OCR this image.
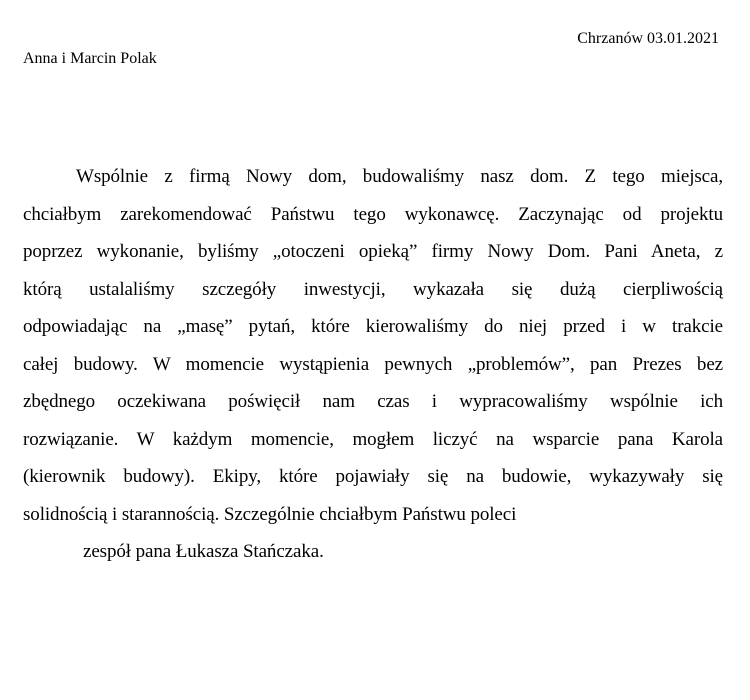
Chrzanów 03.01.2021
Anna i Marcin Polak
Wspólnie z firmą Nowy dom, budowaliśmy nasz dom. Z tego miejsca,
chciałbym zarekomendować Państwu tego wykonawcę. Zaczynając od projektu
poprzez wykonanie, byliśmy „otoczeni opieką” firmy Nowy Dom. Pani Aneta, z
którą ustalaliśmy szczegóły inwestycji, wykazała się dużą cierpliwością
odpowiadając na „masę” pytań, które kierowaliśmy do niej przed i w trakcie
całej budowy. W momencie wystąpienia pewnych „problemów”, pan Prezes bez
zbędnego oczekiwana poświęcił nam czas i wypracowaliśmy wspólnie ich
rozwiązanie. W każdym momencie, mogłem liczyć na wsparcie pana Karola
(kierownik budowy). Ekipy, które pojawiały się na budowie, wykazywały się
solidnością i starannością. Szczególnie chciałbym Państwu poleci
zespół pana Łukasza Stańczaka.
